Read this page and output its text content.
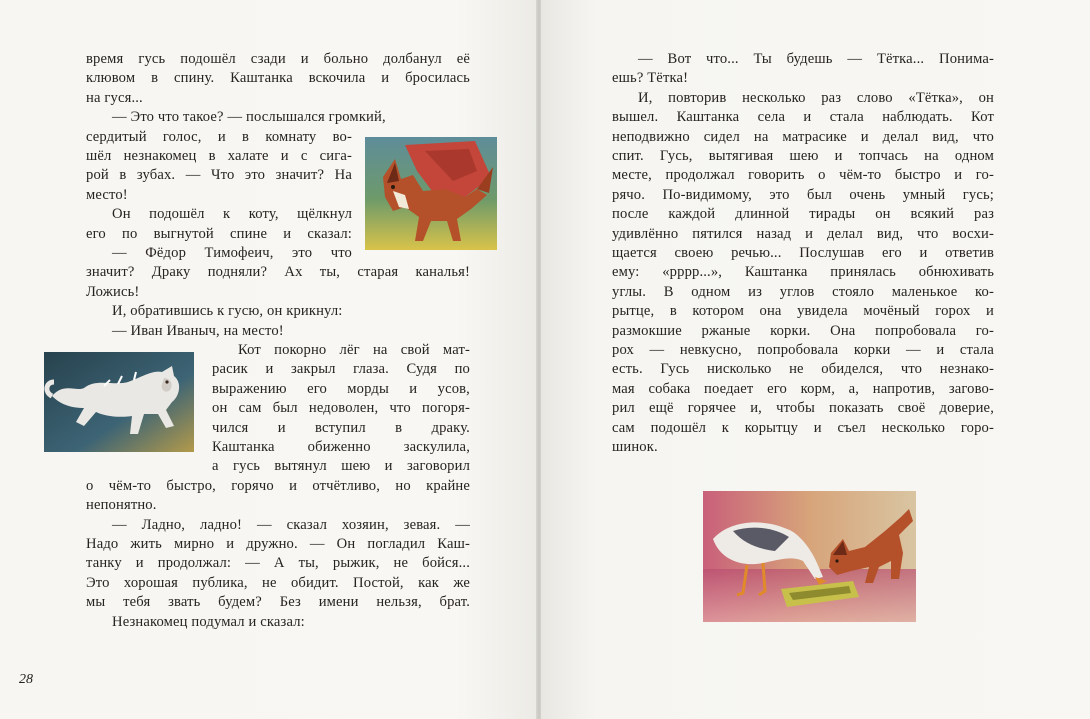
время гусь подошёл сзади и больно долбанул её
клювом в спину. Каштанка вскочила и бросилась
на гуся...
— Это что такое? — послышался громкий,
сердитый голос, и в комнату во-
шёл незнакомец в халате и с сига-
рой в зубах. — Что это значит? На
место!
Он подошёл к коту, щёлкнул
его по выгнутой спине и сказал:
— Фёдор Тимофеич, это что
значит? Драку подняли? Ах ты, старая каналья!
Ложись!
И, обратившись к гусю, он крикнул:
— Иван Иваныч, на место!
Кот покорно лёг на свой мат-
расик и закрыл глаза. Судя по
выражению его морды и усов,
он сам был недоволен, что погоря-
чился и вступил в драку.
Каштанка обиженно заскулила,
а гусь вытянул шею и заговорил
о чём-то быстро, горячо и отчётливо, но крайне
непонятно.
— Ладно, ладно! — сказал хозяин, зевая. —
Надо жить мирно и дружно. — Он погладил Каш-
танку и продолжал: — А ты, рыжик, не бойся...
Это хорошая публика, не обидит. Постой, как же
мы тебя звать будем? Без имени нельзя, брат.
Незнакомец подумал и сказал:
28
— Вот что... Ты будешь — Тётка... Понима-
ешь? Тётка!
И, повторив несколько раз слово «Тётка», он
вышел. Каштанка села и стала наблюдать. Кот
неподвижно сидел на матрасике и делал вид, что
спит. Гусь, вытягивая шею и топчась на одном
месте, продолжал говорить о чём-то быстро и го-
рячо. По-видимому, это был очень умный гусь;
после каждой длинной тирады он всякий раз
удивлённо пятился назад и делал вид, что восхи-
щается своею речью... Послушав его и ответив
ему: «рррр...», Каштанка принялась обнюхивать
углы. В одном из углов стояло маленькое ко-
рытце, в котором она увидела мочёный горох и
размокшие ржаные корки. Она попробовала го-
рох — невкусно, попробовала корки — и стала
есть. Гусь нисколько не обиделся, что незнако-
мая собака поедает его корм, а, напротив, загово-
рил ещё горячее и, чтобы показать своё доверие,
сам подошёл к корытцу и съел несколько горо-
шинок.
